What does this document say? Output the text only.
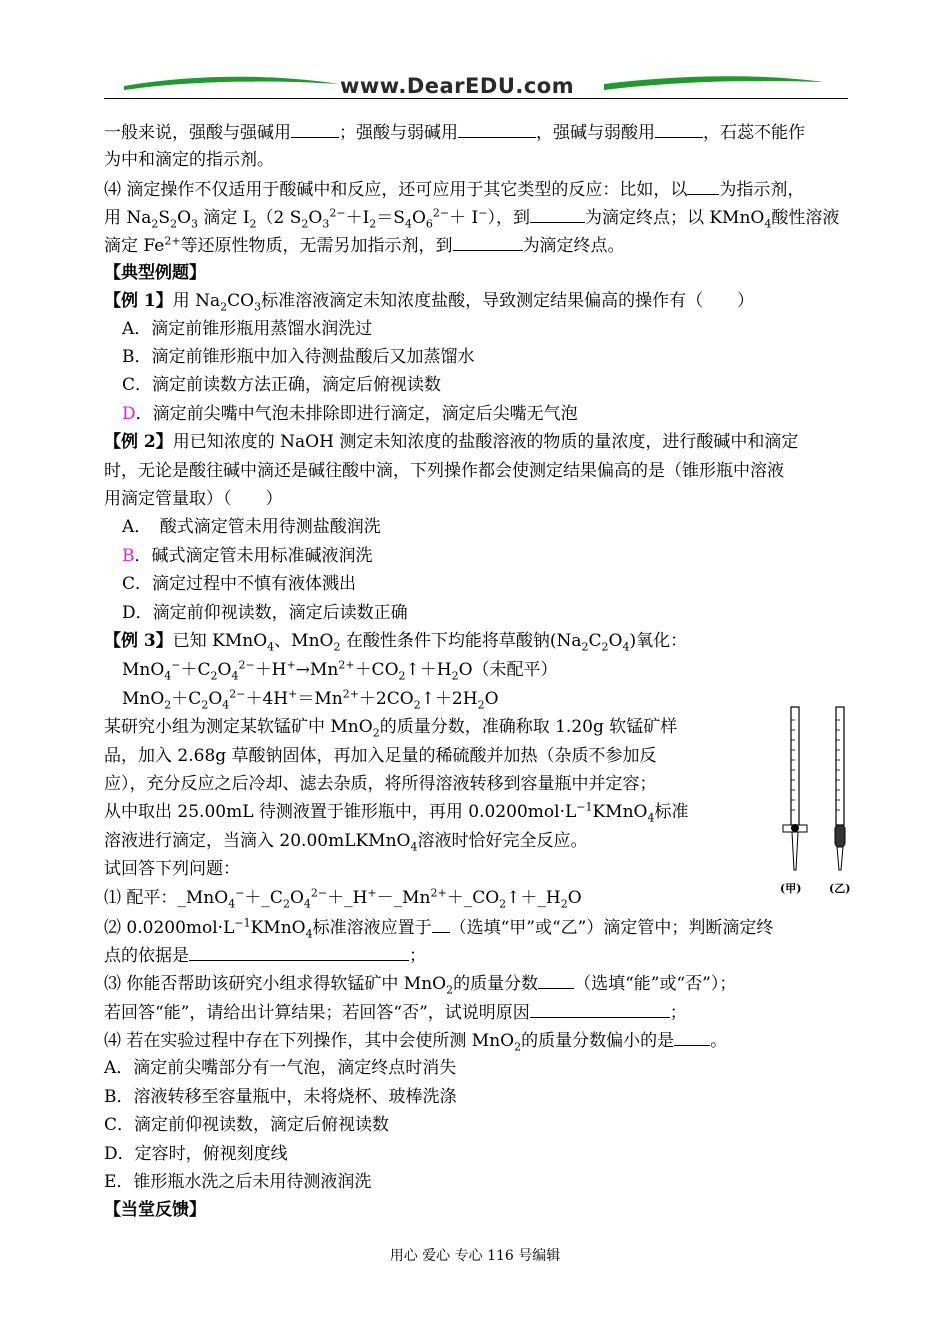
www.DearEDU.com
一般来说，强酸与强碱用	；强酸与弱碱用	，强碱与弱酸用	，石蕊不能作
为中和滴定的指示剂。
⑷ 滴定操作不仅适用于酸碱中和反应，还可应用于其它类型的反应：比如，以 为指示剂，
用 $Na_2S_2O_3$ 滴定 $I_2(2$ $S_2O_3^{2-}+I_2=S_4O_6^{2-}+ I^-$），到	为滴定终点；以 KMnO$_4$酸性溶液
滴定 $Fe^{2+}$等还原性物质，无需另加指示剂，到	为滴定终点。
【典型例题】
【例 1】用 $Na_2CO_3$标准溶液滴定未知浓度盐酸，导致测定结果偏高的操作有（　　）
A．滴定前锥形瓶用蒸馏水润洗过
B．滴定前锥形瓶中加入待测盐酸后又加蒸馏水
C．滴定前读数方法正确，滴定后俯视读数
D．滴定前尖嘴中气泡未排除即进行滴定，滴定后尖嘴无气泡
【例 2】用已知浓度的 NaOH 测定未知浓度的盐酸溶液的物质的量浓度，进行酸碱中和滴定
时，无论是酸往碱中滴还是碱往酸中滴，下列操作都会使测定结果偏高的是（锥形瓶中溶液
用滴定管量取）（　　）
A．　酸式滴定管未用待测盐酸润洗
B．碱式滴定管未用标准碱液润洗
C．滴定过程中不慎有液体溅出
D．滴定前仰视读数，滴定后读数正确
【例 3】已知 KMnO$_4$、MnO$_2$ 在酸性条件下均能将草酸钠$(Na_2C_2O_4)$氧化：
$MnO_4^-+C_2O_4^{2-}+H^+\to Mn^{2+}+CO_2↑+H_2O$（未配平）
$MnO_2+C_2O_4^{2-}+4H^+=Mn^{2+}+2CO_2↑+2H_2O$
某研究小组为测定某软锰矿中 MnO$_2$的质量分数，准确称取 1.20g 软锰矿样
品，加入 2.68g 草酸钠固体，再加入足量的稀硫酸并加热（杂质不参加反
应），充分反应之后冷却、滤去杂质，将所得溶液转移到容量瓶中并定容；
从中取出 25.00mL 待测液置于锥形瓶中，再用 $0.0200mol\cdot L^{-1}KMnO_4$标准
溶液进行滴定，当滴入 20.00mLKMnO$_4$溶液时恰好完全反应。
试回答下列问题：
(甲)	(乙)
⑴ 配平：$\_MnO_4^-+\_C_2O_4^{2-}+\_H^+-\_Mn^{2+}+\_CO_2↑+\_H_2O$
⑵ $0.0200mol\cdot L^{-1}KMnO_4$标准溶液应置于 （选填“甲”或“乙”）滴定管中；判断滴定终
点的依据是	；
⑶ 你能否帮助该研究小组求得软锰矿中 MnO$_2$的质量分数 （选填“能”或“否”）；
若回答“能”，请给出计算结果；若回答“否”，试说明原因	；
⑷ 若在实验过程中存在下列操作，其中会使所测 MnO$_2$的质量分数偏小的是 。
A．滴定前尖嘴部分有一气泡，滴定终点时消失
B．溶液转移至容量瓶中，未将烧杯、玻棒洗涤
C．滴定前仰视读数，滴定后俯视读数
D．定容时，俯视刻度线
E．锥形瓶水洗之后未用待测液润洗
【当堂反馈】
用心 爱心 专心 116 号编辑
